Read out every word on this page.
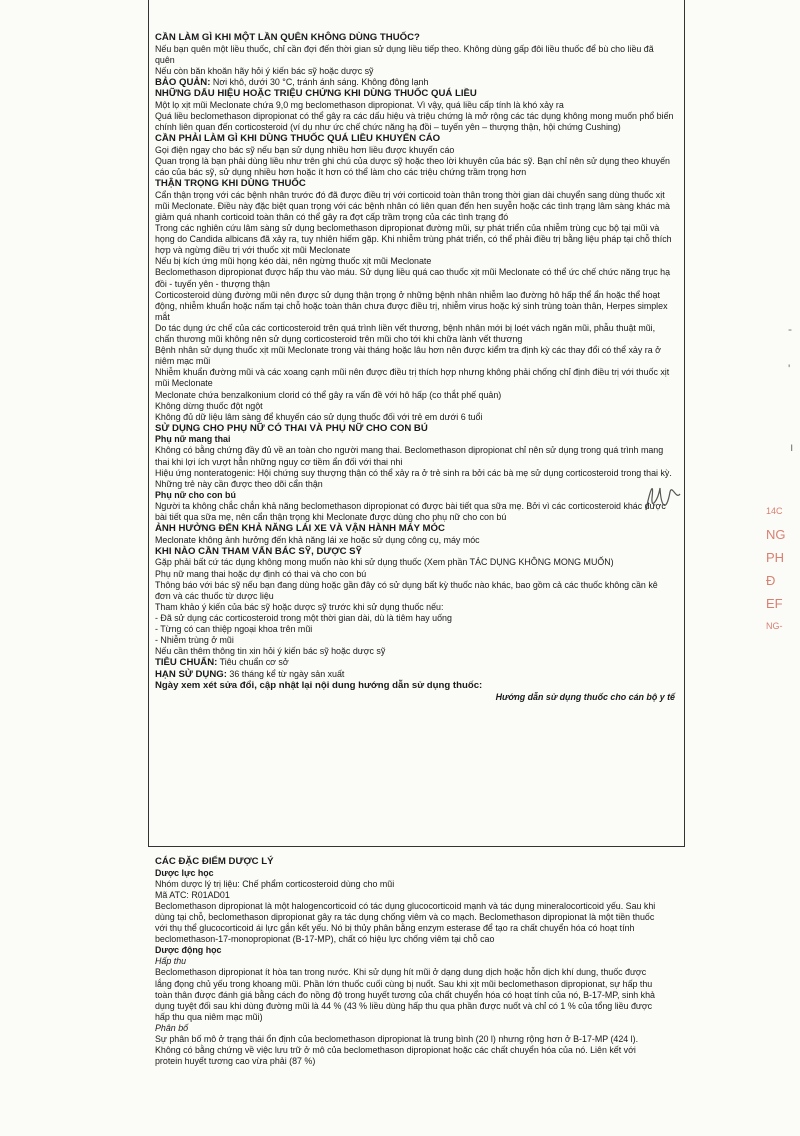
CẦN LÀM GÌ KHI MỘT LẦN QUÊN KHÔNG DÙNG THUỐC?
Nếu bạn quên một liều thuốc, chỉ cần đợi đến thời gian sử dụng liều tiếp theo. Không dùng gấp đôi liều thuốc để bù cho liều đã quên
Nếu còn băn khoăn hãy hỏi ý kiến bác sỹ hoặc dược sỹ
BẢO QUẢN: Nơi khô, dưới 30 °C, tránh ánh sáng. Không đông lạnh
NHỮNG DẤU HIỆU HOẶC TRIỆU CHỨNG KHI DÙNG THUỐC QUÁ LIỀU
Một lọ xịt mũi Meclonate chứa 9,0 mg beclomethason dipropionat. Vì vậy, quá liều cấp tính là khó xảy ra
Quá liều beclomethason dipropionat có thể gây ra các dấu hiệu và triệu chứng là mở rộng các tác dụng không mong muốn phổ biến chính liên quan đến corticosteroid (ví dụ như ức chế chức năng hạ đồi – tuyến yên – thượng thận, hội chứng Cushing)
CẦN PHẢI LÀM GÌ KHI DÙNG THUỐC QUÁ LIỀU KHUYẾN CÁO
Gọi điện ngay cho bác sỹ nếu bạn sử dụng nhiều hơn liều được khuyến cáo
Quan trọng là bạn phải dùng liều như trên ghi chú của dược sỹ hoặc theo lời khuyên của bác sỹ. Bạn chỉ nên sử dụng theo khuyến cáo của bác sỹ, sử dụng nhiều hơn hoặc ít hơn có thể làm cho các triệu chứng trầm trọng hơn
THẬN TRỌNG KHI DÙNG THUỐC
Cẩn thận trọng với các bệnh nhân trước đó đã được điều trị với corticoid toàn thân trong thời gian dài chuyển sang dùng thuốc xịt mũi Meclonate. Điều này đặc biệt quan trọng với các bệnh nhân có liên quan đến hen suyễn hoặc các tình trạng lâm sàng khác mà giảm quá nhanh corticoid toàn thân có thể gây ra đợt cấp trầm trọng của các tình trạng đó
Trong các nghiên cứu lâm sàng sử dụng beclomethason dipropionat đường mũi, sự phát triển của nhiễm trùng cục bộ tại mũi và họng do Candida albicans đã xảy ra, tuy nhiên hiếm gặp. Khi nhiễm trùng phát triển, có thể phải điều trị bằng liệu pháp tại chỗ thích hợp và ngừng điều trị với thuốc xịt mũi Meclonate
Nếu bị kích ứng mũi họng kéo dài, nên ngừng thuốc xịt mũi Meclonate
Beclomethason dipropionat được hấp thu vào máu. Sử dụng liều quá cao thuốc xịt mũi Meclonate có thể ức chế chức năng trục hạ đồi - tuyến yên - thượng thận
Corticosteroid dùng đường mũi nên được sử dụng thận trọng ở những bệnh nhân nhiễm lao đường hô hấp thể ẩn hoặc thể hoạt động, nhiễm khuẩn hoặc nấm tại chỗ hoặc toàn thân chưa được điều trị, nhiễm virus hoặc ký sinh trùng toàn thân, Herpes simplex mắt
Do tác dụng ức chế của các corticosteroid trên quá trình liền vết thương, bệnh nhân mới bị loét vách ngăn mũi, phẫu thuật mũi, chấn thương mũi không nên sử dụng corticosteroid trên mũi cho tới khi chữa lành vết thương
Bệnh nhân sử dụng thuốc xịt mũi Meclonate trong vài tháng hoặc lâu hơn nên được kiểm tra định kỳ các thay đổi có thể xảy ra ở niêm mạc mũi
Nhiễm khuẩn đường mũi và các xoang cạnh mũi nên được điều trị thích hợp nhưng không phải chống chỉ định điều trị với thuốc xịt mũi Meclonate
Meclonate chứa benzalkonium clorid có thể gây ra vấn đề với hô hấp (co thắt phế quản)
Không dừng thuốc đột ngột
Không đủ dữ liệu lâm sàng để khuyến cáo sử dụng thuốc đối với trẻ em dưới 6 tuổi
SỬ DỤNG CHO PHỤ NỮ CÓ THAI VÀ PHỤ NỮ CHO CON BÚ
Phụ nữ mang thai
Không có bằng chứng đầy đủ về an toàn cho người mang thai. Beclomethason dipropionat chỉ nên sử dụng trong quá trình mang thai khi lợi ích vượt hẳn những nguy cơ tiềm ẩn đối với thai nhi
Hiệu ứng nonteratogenic: Hội chứng suy thượng thận có thể xảy ra ở trẻ sinh ra bởi các bà mẹ sử dụng corticosteroid trong thai kỳ. Những trẻ này cần được theo dõi cẩn thận
Phụ nữ cho con bú
Người ta không chắc chắn khả năng beclomethason dipropionat có được bài tiết qua sữa mẹ. Bởi vì các corticosteroid khác được bài tiết qua sữa mẹ, nên cẩn thận trọng khi Meclonate được dùng cho phụ nữ cho con bú
ẢNH HƯỞNG ĐẾN KHẢ NĂNG LÁI XE VÀ VẬN HÀNH MÁY MÓC
Meclonate không ảnh hưởng đến khả năng lái xe hoặc sử dụng công cụ, máy móc
KHI NÀO CẦN THAM VẤN BÁC SỸ, DƯỢC SỸ
Gặp phải bất cứ tác dụng không mong muốn nào khi sử dụng thuốc (Xem phần TÁC DỤNG KHÔNG MONG MUỐN)
Phụ nữ mang thai hoặc dự định có thai và cho con bú
Thông báo với bác sỹ nếu bạn đang dùng hoặc gần đây có sử dụng bất kỳ thuốc nào khác, bao gồm cả các thuốc không cần kê đơn và các thuốc từ dược liệu
Tham khảo ý kiến của bác sỹ hoặc dược sỹ trước khi sử dụng thuốc nếu:
- Đã sử dụng các corticosteroid trong một thời gian dài, dù là tiêm hay uống
- Từng có can thiệp ngoại khoa trên mũi
- Nhiễm trùng ở mũi
Nếu cần thêm thông tin xin hỏi ý kiến bác sỹ hoặc dược sỹ
TIÊU CHUẨN: Tiêu chuẩn cơ sở
HẠN SỬ DỤNG: 36 tháng kể từ ngày sản xuất
Ngày xem xét sửa đổi, cập nhật lại nội dung hướng dẫn sử dụng thuốc:
Hướng dẫn sử dụng thuốc cho cán bộ y tế
CÁC ĐẶC ĐIỂM DƯỢC LÝ
Dược lực học
Nhóm dược lý trị liệu: Chế phẩm corticosteroid dùng cho mũi
Mã ATC: R01AD01
Beclomethason dipropionat là một halogencorticoid có tác dụng glucocorticoid mạnh và tác dụng mineralocorticoid yếu. Sau khi dùng tại chỗ, beclomethason dipropionat gây ra tác dụng chống viêm và co mạch. Beclomethason dipropionat là một tiền thuốc với thụ thể glucocorticoid ái lực gắn kết yếu. Nó bị thủy phân bằng enzym esterase để tạo ra chất chuyển hóa có hoạt tính beclomethason-17-monopropionat (B-17-MP), chất có hiệu lực chống viêm tại chỗ cao
Dược động học
Hấp thu
Beclomethason dipropionat ít hòa tan trong nước. Khi sử dụng hít mũi ở dạng dung dịch hoặc hỗn dịch khí dung, thuốc được lắng đọng chủ yếu trong khoang mũi. Phần lớn thuốc cuối cùng bị nuốt. Sau khi xịt mũi beclomethason dipropionat, sự hấp thu toàn thân được đánh giá bằng cách đo nồng độ trong huyết tương của chất chuyển hóa có hoạt tính của nó, B-17-MP, sinh khả dụng tuyệt đối sau khi dùng đường mũi là 44 % (43 % liều dùng hấp thu qua phần được nuốt và chỉ có 1 % của tổng liều được hấp thu qua niêm mạc mũi)
Phân bố
Sự phân bố mô ở trạng thái ổn định của beclomethason dipropionat là trung bình (20 l) nhưng rộng hơn ở B-17-MP (424 l). Không có bằng chứng về việc lưu trữ ở mô của beclomethason dipropionat hoặc các chất chuyển hóa của nó. Liên kết với protein huyết tương cao vừa phải (87 %)
14C
NG
PH
Đ
EF
NG-
-
'
ı
